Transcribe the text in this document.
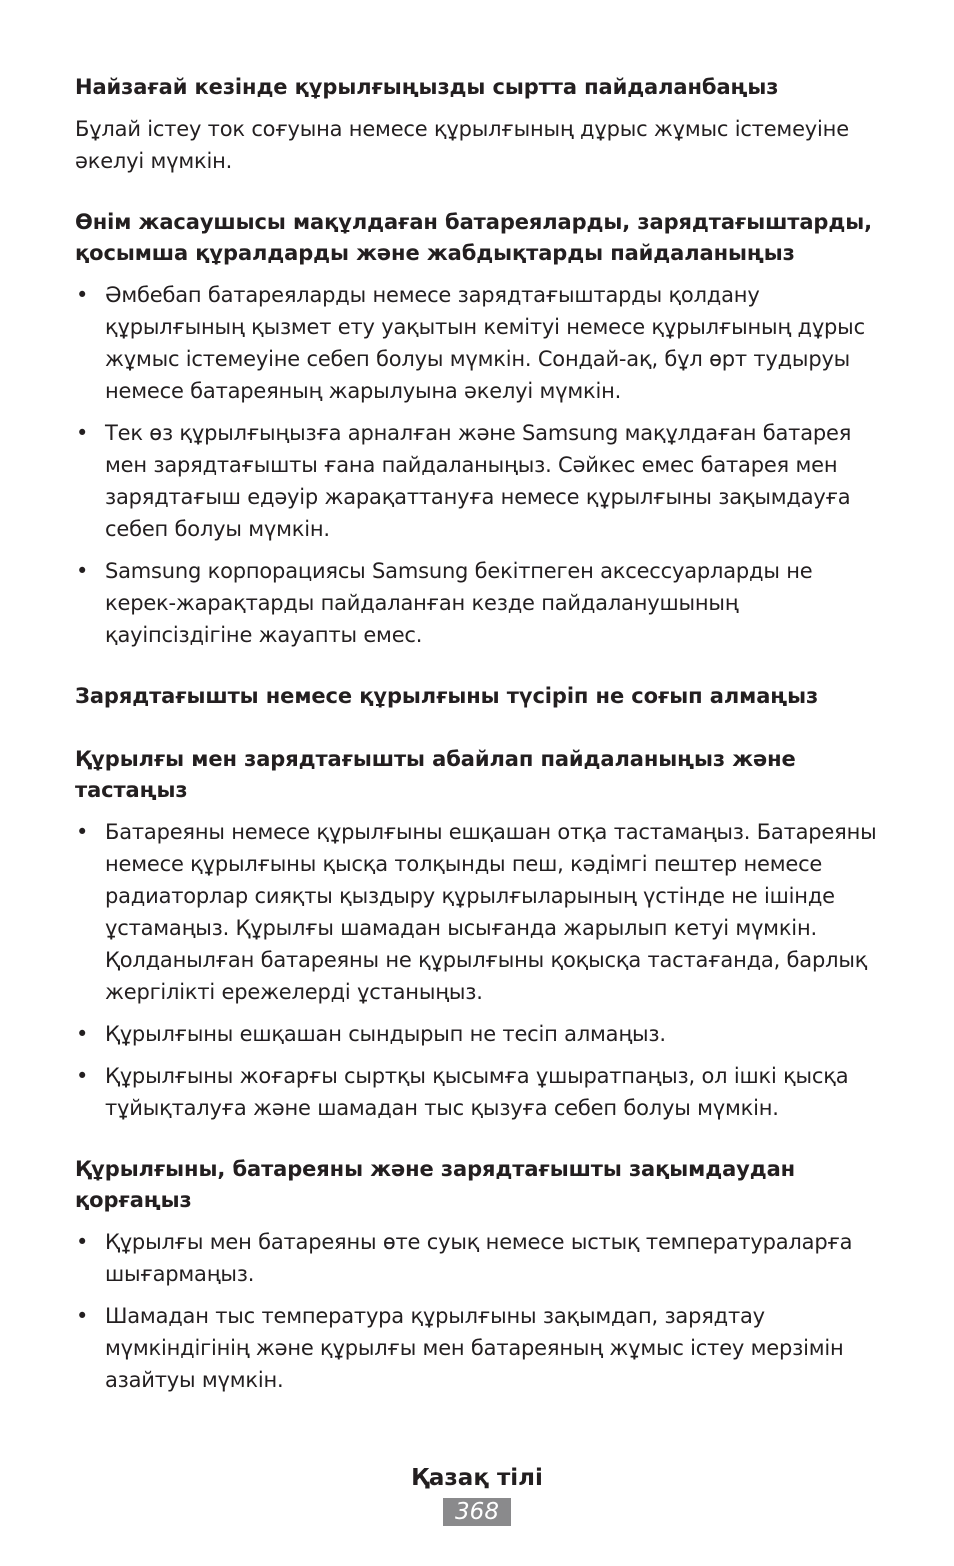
Найзағай кезінде құрылғыңызды сыртта пайдаланбаңыз

Бұлай істеу ток соғуына немесе құрылғының дұрыс жұмыс істемеуіне әкелуі мүмкін.

Өнім жасаушысы мақұлдаған батареяларды, зарядтағыштарды, қосымша құралдарды және жабдықтарды пайдаланыңыз

• Әмбебап батареяларды немесе зарядтағыштарды қолдану құрылғының қызмет ету уақытын кемітуі немесе құрылғының дұрыс жұмыс істемеуіне себеп болуы мүмкін. Сондай-ақ, бұл өрт тудыруы немесе батареяның жарылуына әкелуі мүмкін.
• Тек өз құрылғыңызға арналған және Samsung мақұлдаған батарея мен зарядтағышты ғана пайдаланыңыз. Сәйкес емес батарея мен зарядтағыш едәуір жарақаттануға немесе құрылғыны зақымдауға себеп болуы мүмкін.
• Samsung корпорациясы Samsung бекітпеген аксессуарларды не керек-жарақтарды пайдаланған кезде пайдаланушының қауіпсіздігіне жауапты емес.

Зарядтағышты немесе құрылғыны түсіріп не соғып алмаңыз

Құрылғы мен зарядтағышты абайлап пайдаланыңыз және тастаңыз

• Батареяны немесе құрылғыны ешқашан отқа тастамаңыз. Батареяны немесе құрылғыны қысқа толқынды пеш, кәдімгі пештер немесе радиаторлар сияқты қыздыру құрылғыларының үстінде не ішінде ұстамаңыз. Құрылғы шамадан ысығанда жарылып кетуі мүмкін. Қолданылған батареяны не құрылғыны қоқысқа тастағанда, барлық жергілікті ережелерді ұстаныңыз.
• Құрылғыны ешқашан сындырып не тесіп алмаңыз.
• Құрылғыны жоғарғы сыртқы қысымға ұшыратпаңыз, ол ішкі қысқа тұйықталуға және шамадан тыс қызуға себеп болуы мүмкін.

Құрылғыны, батареяны және зарядтағышты зақымдаудан қорғаңыз

• Құрылғы мен батареяны өте суық немесе ыстық температураларға шығармаңыз.
• Шамадан тыс температура құрылғыны зақымдап, зарядтау мүмкіндігінің және құрылғы мен батареяның жұмыс істеу мерзімін азайтуы мүмкін.
Қазақ тілі
368
